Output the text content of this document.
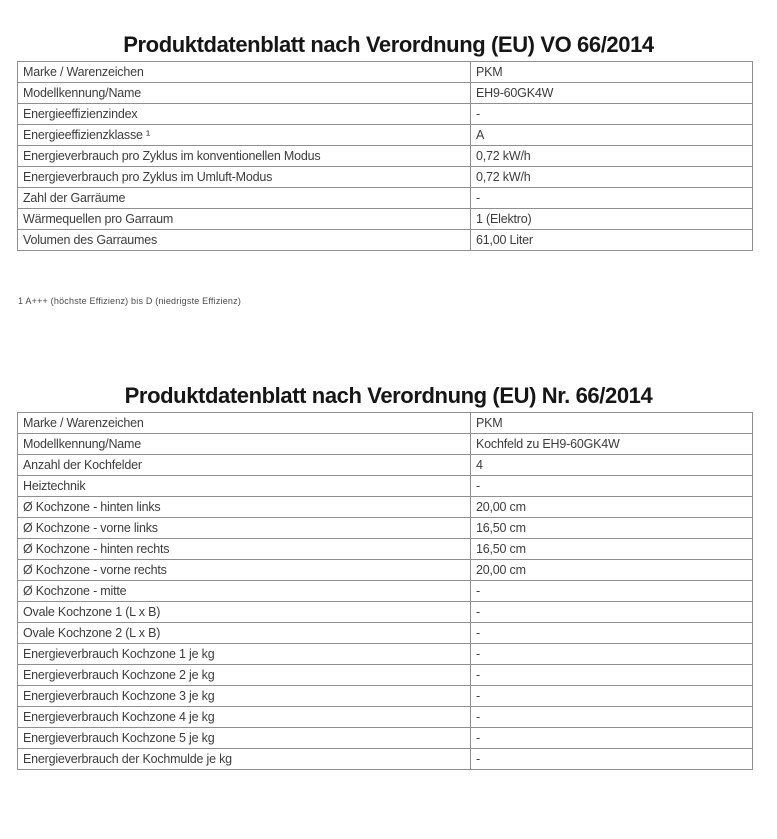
Produktdatenblatt nach Verordnung (EU) VO 66/2014
Marke / Warenzeichen	PKM
Modellkennung/Name	EH9-60GK4W
Energieeffizienzindex	-
Energieeffizienzklasse ¹	A
Energieverbrauch pro Zyklus im konventionellen Modus	0,72 kW/h
Energieverbrauch pro Zyklus im Umluft-Modus	0,72 kW/h
Zahl der Garräume	-
Wärmequellen pro Garraum	1 (Elektro)
Volumen des Garraumes	61,00 Liter
1 A+++ (höchste Effizienz) bis D (niedrigste Effizienz)
Produktdatenblatt nach Verordnung (EU) Nr. 66/2014
Marke / Warenzeichen	PKM
Modellkennung/Name	Kochfeld zu EH9-60GK4W
Anzahl der Kochfelder	4
Heiztechnik	-
Ø Kochzone - hinten links	20,00 cm
Ø Kochzone - vorne links	16,50 cm
Ø Kochzone - hinten rechts	16,50 cm
Ø Kochzone - vorne rechts	20,00 cm
Ø Kochzone - mitte	-
Ovale Kochzone 1 (L x B)	-
Ovale Kochzone 2 (L x B)	-
Energieverbrauch Kochzone 1 je kg	-
Energieverbrauch Kochzone 2 je kg	-
Energieverbrauch Kochzone 3 je kg	-
Energieverbrauch Kochzone 4 je kg	-
Energieverbrauch Kochzone 5 je kg	-
Energieverbrauch der Kochmulde je kg	-
